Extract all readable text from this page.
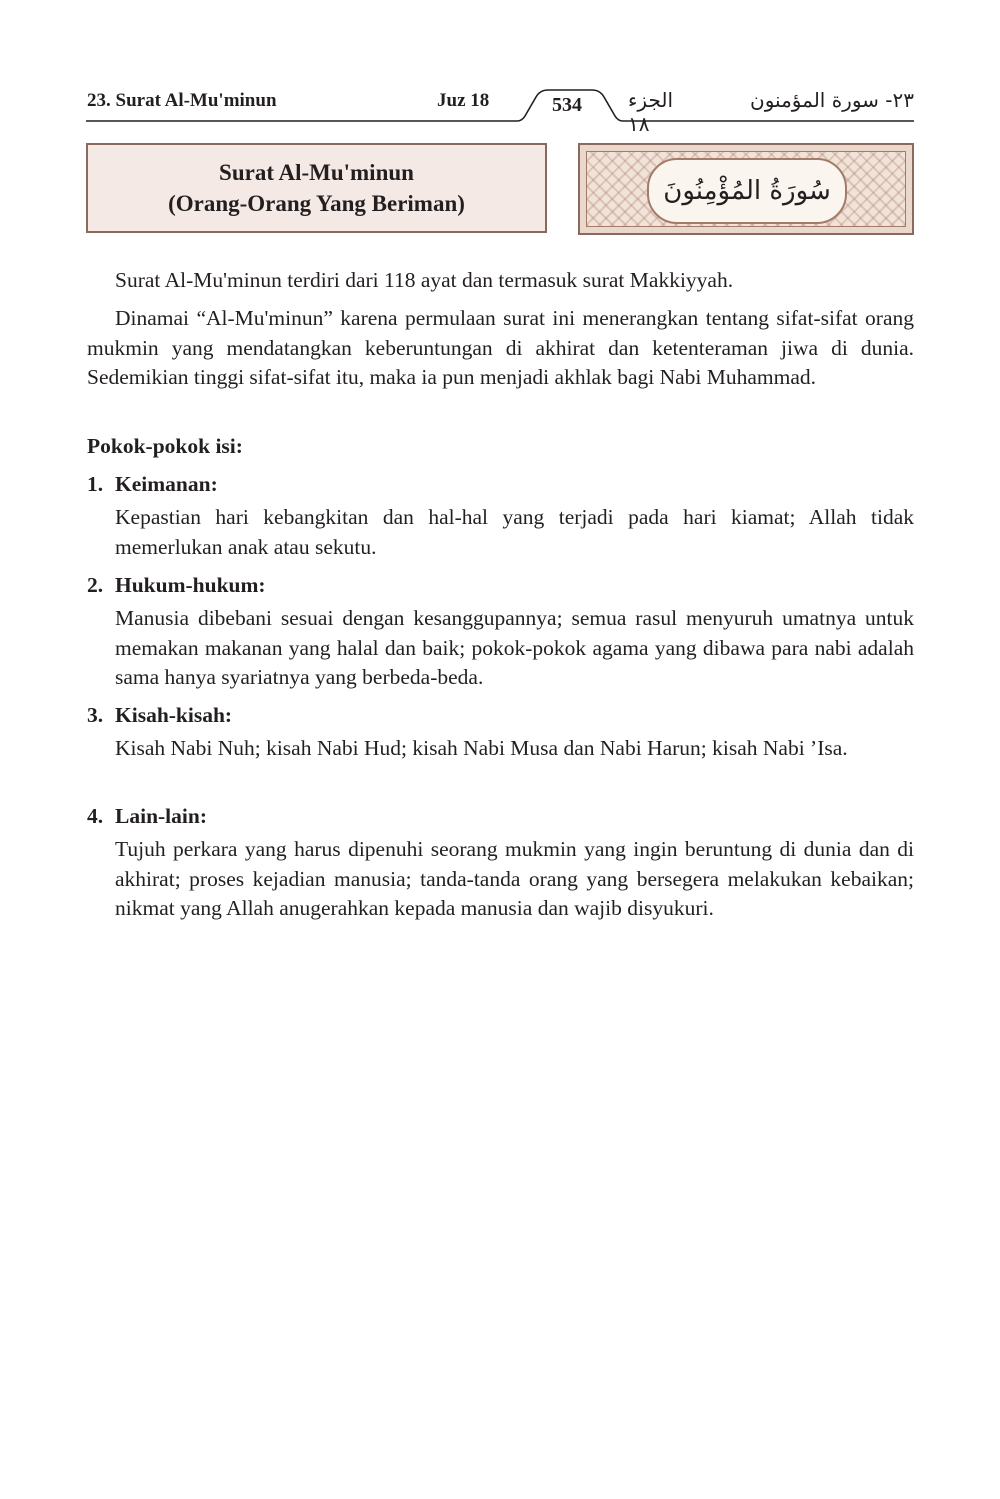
23. Surat Al-Mu'minun	Juz 18	534	الجزء ١٨
٢٣- سورة المؤمنون
Surat Al-Mu'minun
(Orang-Orang Yang Beriman)	سُورَةُ المُؤْمِنُونَ
Surat Al-Mu'minun terdiri dari 118 ayat dan termasuk surat Makkiyyah.
Dinamai “Al-Mu'minun” karena permulaan surat ini menerangkan tentang sifat-sifat orang mukmin yang mendatangkan keberuntungan di akhirat dan ketenteraman jiwa di dunia. Sedemikian tinggi sifat-sifat itu, maka ia pun menjadi akhlak bagi Nabi Muhammad.
Pokok-pokok isi:
1. Keimanan:
Kepastian hari kebangkitan dan hal-hal yang terjadi pada hari kiamat; Allah tidak memerlukan anak atau sekutu.
2. Hukum-hukum:
Manusia dibebani sesuai dengan kesanggupannya; semua rasul menyuruh umatnya untuk memakan makanan yang halal dan baik; pokok-pokok agama yang dibawa para nabi adalah sama hanya syariatnya yang berbeda-beda.
3. Kisah-kisah:
Kisah Nabi Nuh; kisah Nabi Hud; kisah Nabi Musa dan Nabi Harun; kisah Nabi ’Isa.
4. Lain-lain:
Tujuh perkara yang harus dipenuhi seorang mukmin yang ingin beruntung di dunia dan di akhirat; proses kejadian manusia; tanda-tanda orang yang bersegera melakukan kebaikan; nikmat yang Allah anugerahkan kepada manusia dan wajib disyukuri.
